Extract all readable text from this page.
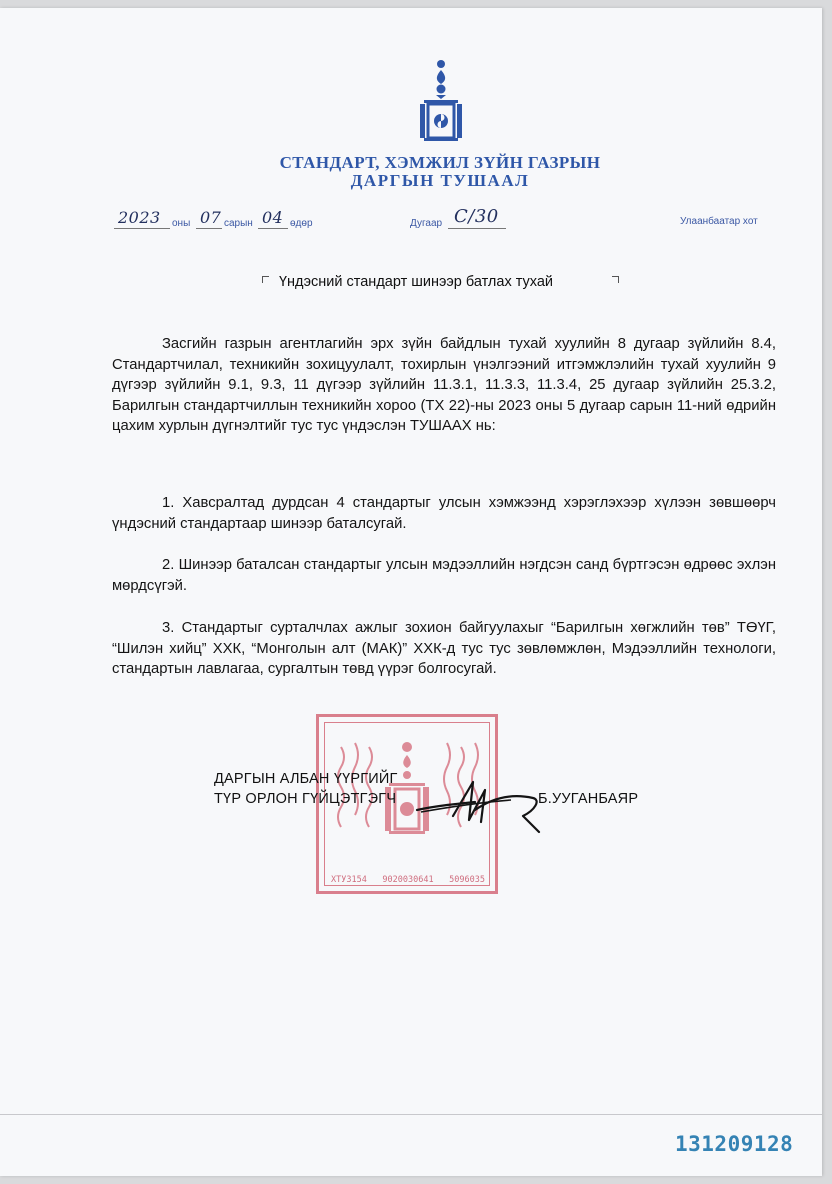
СТАНДАРТ, ХЭМЖИЛ ЗҮЙН ГАЗРЫН
ДАРГЫН ТУШААЛ
2023 оны 07 сарын 04 өдөр	Дугаар С/30	Улаанбаатар хот
Үндэсний стандарт шинээр батлах тухай
Засгийн газрын агентлагийн эрх зүйн байдлын тухай хуулийн 8 дугаар зүйлийн 8.4, Стандартчилал, техникийн зохицуулалт, тохирлын үнэлгээний итгэмжлэлийн тухай хуулийн 9 дүгээр зүйлийн 9.1, 9.3, 11 дүгээр зүйлийн 11.3.1, 11.3.3, 11.3.4, 25 дугаар зүйлийн 25.3.2, Барилгын стандартчиллын техникийн хороо (ТХ 22)-ны 2023 оны 5 дугаар сарын 11-ний өдрийн цахим хурлын дүгнэлтийг тус тус үндэслэн ТУШААХ нь:
1. Хавсралтад дурдсан 4 стандартыг улсын хэмжээнд хэрэглэхээр хүлээн зөвшөөрч үндэсний стандартаар шинээр баталсугай.
2. Шинээр баталсан стандартыг улсын мэдээллийн нэгдсэн санд бүртгэсэн өдрөөс эхлэн мөрдсүгэй.
3. Стандартыг сурталчлах ажлыг зохион байгуулахыг “Барилгын хөгжлийн төв” ТӨҮГ, “Шилэн хийц” ХХК, “Монголын алт (МАК)” ХХК-д тус тус зөвлөмжлөн, Мэдээллийн технологи, стандартын лавлагаа, сургалтын төвд үүрэг болгосугай.
ХТУ3154 9020030641 5096035
ДАРГЫН АЛБАН ҮҮРГИЙГ
ТҮР ОРЛОН ГҮЙЦЭТГЭГЧ	Б.УУГАНБАЯР
131209128
